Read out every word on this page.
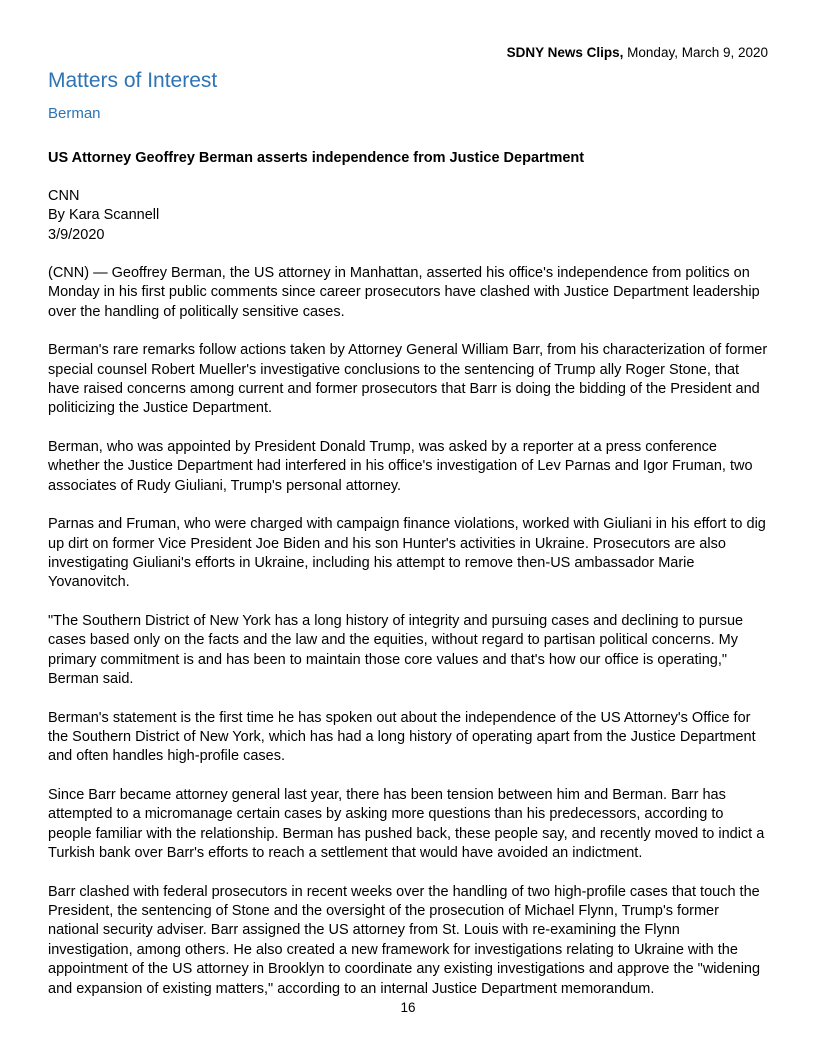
SDNY News Clips, Monday, March 9, 2020
Matters of Interest
Berman
US Attorney Geoffrey Berman asserts independence from Justice Department
CNN
By Kara Scannell
3/9/2020

(CNN) — Geoffrey Berman, the US attorney in Manhattan, asserted his office's independence from politics on Monday in his first public comments since career prosecutors have clashed with Justice Department leadership over the handling of politically sensitive cases.

Berman's rare remarks follow actions taken by Attorney General William Barr, from his characterization of former special counsel Robert Mueller's investigative conclusions to the sentencing of Trump ally Roger Stone, that have raised concerns among current and former prosecutors that Barr is doing the bidding of the President and politicizing the Justice Department.

Berman, who was appointed by President Donald Trump, was asked by a reporter at a press conference whether the Justice Department had interfered in his office's investigation of Lev Parnas and Igor Fruman, two associates of Rudy Giuliani, Trump's personal attorney.

Parnas and Fruman, who were charged with campaign finance violations, worked with Giuliani in his effort to dig up dirt on former Vice President Joe Biden and his son Hunter's activities in Ukraine. Prosecutors are also investigating Giuliani's efforts in Ukraine, including his attempt to remove then-US ambassador Marie Yovanovitch.

"The Southern District of New York has a long history of integrity and pursuing cases and declining to pursue cases based only on the facts and the law and the equities, without regard to partisan political concerns. My primary commitment is and has been to maintain those core values and that's how our office is operating," Berman said.

Berman's statement is the first time he has spoken out about the independence of the US Attorney's Office for the Southern District of New York, which has had a long history of operating apart from the Justice Department and often handles high-profile cases.

Since Barr became attorney general last year, there has been tension between him and Berman. Barr has attempted to a micromanage certain cases by asking more questions than his predecessors, according to people familiar with the relationship. Berman has pushed back, these people say, and recently moved to indict a Turkish bank over Barr's efforts to reach a settlement that would have avoided an indictment.

Barr clashed with federal prosecutors in recent weeks over the handling of two high-profile cases that touch the President, the sentencing of Stone and the oversight of the prosecution of Michael Flynn, Trump's former national security adviser. Barr assigned the US attorney from St. Louis with re-examining the Flynn investigation, among others. He also created a new framework for investigations relating to Ukraine with the appointment of the US attorney in Brooklyn to coordinate any existing investigations and approve the "widening and expansion of existing matters," according to an internal Justice Department memorandum.

16
